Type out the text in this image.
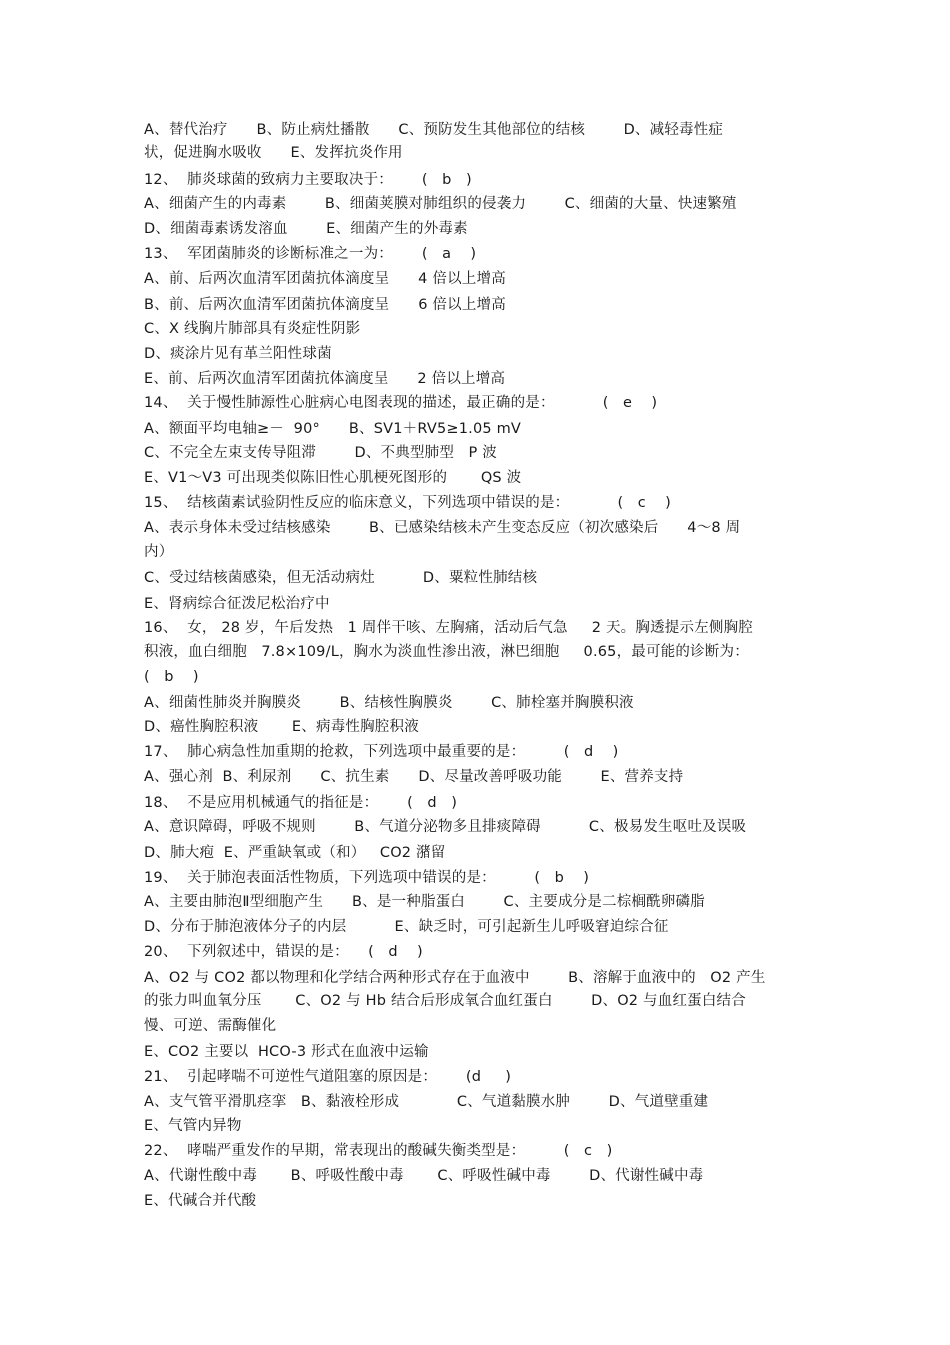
A、替代治疗      B、防止病灶播散      C、预防发生其他部位的结核        D、减轻毒性症
状，促进胸水吸收      E、发挥抗炎作用
12、  肺炎球菌的致病力主要取决于：      (   b   )
A、细菌产生的内毒素        B、细菌荚膜对肺组织的侵袭力        C、细菌的大量、快速繁殖
D、细菌毒素诱发溶血        E、细菌产生的外毒素
13、  军团菌肺炎的诊断标准之一为：      (   a    )
A、前、后两次血清军团菌抗体滴度呈      4 倍以上增高
B、前、后两次血清军团菌抗体滴度呈      6 倍以上增高
C、X 线胸片肺部具有炎症性阴影
D、痰涂片见有革兰阳性球菌
E、前、后两次血清军团菌抗体滴度呈      2 倍以上增高
14、  关于慢性肺源性心脏病心电图表现的描述，最正确的是：          (   e    )
A、额面平均电轴≥－  90°      B、SV1＋RV5≥1.05 mV
C、不完全左束支传导阻滞        D、不典型肺型   P 波
E、V1～V3 可出现类似陈旧性心肌梗死图形的       QS 波
15、  结核菌素试验阴性反应的临床意义，下列选项中错误的是：          (   c    )
A、表示身体未受过结核感染        B、已感染结核未产生变态反应（初次感染后      4～8 周
内）
C、受过结核菌感染，但无活动病灶          D、粟粒性肺结核
E、肾病综合征泼尼松治疗中
16、  女， 28 岁，午后发热   1 周伴干咳、左胸痛，活动后气急     2 天。胸透提示左侧胸腔
积液，血白细胞   7.8×109/L，胸水为淡血性渗出液，淋巴细胞     0.65，最可能的诊断为：
(   b    )
A、细菌性肺炎并胸膜炎        B、结核性胸膜炎        C、肺栓塞并胸膜积液
D、癌性胸腔积液       E、病毒性胸腔积液
17、  肺心病急性加重期的抢救，下列选项中最重要的是：        (   d    )
A、强心剂  B、利尿剂      C、抗生素      D、尽量改善呼吸功能        E、营养支持
18、  不是应用机械通气的指征是：      (   d   )
A、意识障碍，呼吸不规则        B、气道分泌物多且排痰障碍          C、极易发生呕吐及误吸
D、肺大疱  E、严重缺氧或（和）   CO2 潴留
19、  关于肺泡表面活性物质，下列选项中错误的是：        (   b    )
A、主要由肺泡Ⅱ型细胞产生      B、是一种脂蛋白        C、主要成分是二棕榈酰卵磷脂
D、分布于肺泡液体分子的内层          E、缺乏时，可引起新生儿呼吸窘迫综合征
20、  下列叙述中，错误的是：    (   d    )
A、O2 与 CO2 都以物理和化学结合两种形式存在于血液中        B、溶解于血液中的   O2 产生
的张力叫血氧分压       C、O2 与 Hb 结合后形成氧合血红蛋白        D、O2 与血红蛋白结合
慢、可逆、需酶催化
E、CO2 主要以  HCO-3 形式在血液中运输
21、  引起哮喘不可逆性气道阻塞的原因是：      (d     )
A、支气管平滑肌痉挛   B、黏液栓形成            C、气道黏膜水肿        D、气道壁重建
E、气管内异物
22、  哮喘严重发作的早期，常表现出的酸碱失衡类型是：        (   c   )
A、代谢性酸中毒       B、呼吸性酸中毒       C、呼吸性碱中毒        D、代谢性碱中毒
E、代碱合并代酸
